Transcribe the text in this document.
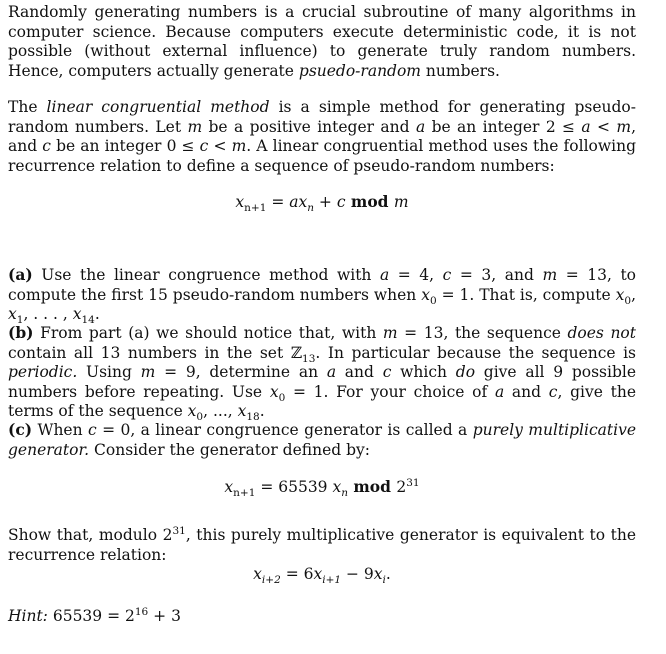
Randomly generating numbers is a crucial subroutine of many algorithms in computer science. Because computers execute deterministic code, it is not possible (without external influence) to generate truly random numbers. Hence, computers actually generate psuedo-random numbers.

The linear congruential method is a simple method for generating pseudo-random numbers. Let m be a positive integer and a be an integer 2 ≤ a < m, and c be an integer 0 ≤ c < m. A linear congruential method uses the following recurrence relation to define a sequence of pseudo-random numbers:

$x_{n+1} = ax_n + c$ mod m

(a) Use the linear congruence method with a = 4, c = 3, and m = 13, to compute the first 15 pseudo-random numbers when $x_0 = 1$. That is, compute $x_0$, $x_1$, . . . , $x_{14}$.

(b) From part (a) we should notice that, with m = 13, the sequence does not contain all 13 numbers in the set ℤ$_{13}$. In particular because the sequence is periodic. Using m = 9, determine an a and c which do give all 9 possible numbers before repeating. Use $x_0 = 1$. For your choice of a and c, give the terms of the sequence $x_0$, ..., $x_{18}$.

(c) When c = 0, a linear congruence generator is called a purely multiplicative generator. Consider the generator defined by:

$x_{n+1} = 65539$ $x_n$ mod $2^{31}$

Show that, modulo $2^{31}$, this purely multiplicative generator is equivalent to the recurrence relation:

$x_{i+2} = 6x_{i+1} - 9x_i$.

Hint: $65539 = 2^{16} + 3$
